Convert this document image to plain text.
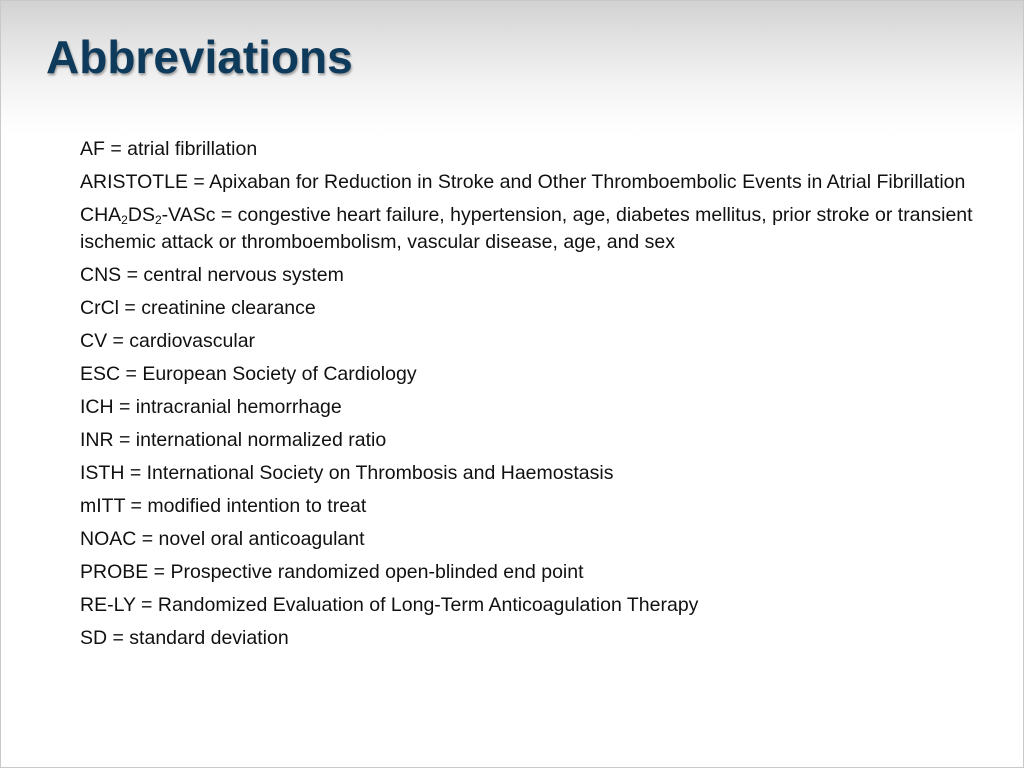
Abbreviations
AF = atrial fibrillation
ARISTOTLE = Apixaban for Reduction in Stroke and Other Thromboembolic Events in Atrial Fibrillation
$CHA_2DS_2$-VASc = congestive heart failure, hypertension, age, diabetes mellitus, prior stroke or transient ischemic attack or thromboembolism, vascular disease, age, and sex
CNS = central nervous system
CrCl = creatinine clearance
CV = cardiovascular
ESC = European Society of Cardiology
ICH = intracranial hemorrhage
INR = international normalized ratio
ISTH = International Society on Thrombosis and Haemostasis
mITT = modified intention to treat
NOAC = novel oral anticoagulant
PROBE = Prospective randomized open-blinded end point
RE-LY = Randomized Evaluation of Long-Term Anticoagulation Therapy
SD = standard deviation
